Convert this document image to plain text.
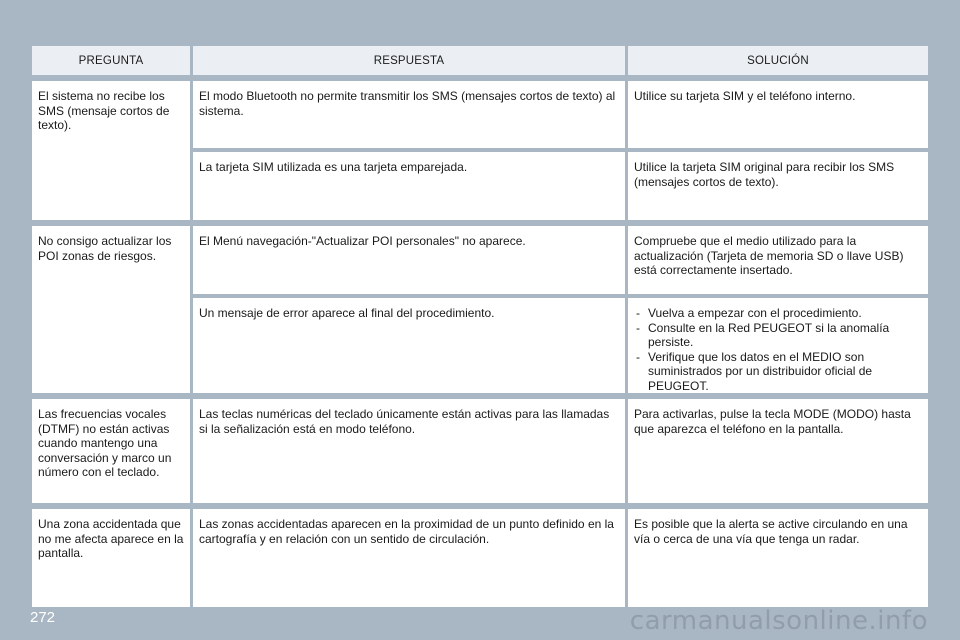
PREGUNTA	RESPUESTA	SOLUCIÓN
El sistema no recibe los SMS (mensaje cortos de texto).
El modo Bluetooth no permite transmitir los SMS (mensajes cortos de texto) al sistema.
Utilice su tarjeta SIM y el teléfono interno.
La tarjeta SIM utilizada es una tarjeta emparejada.	Utilice la tarjeta SIM original para recibir los SMS (mensajes cortos de texto).
No consigo actualizar los POI zonas de riesgos.
El Menú navegación-"Actualizar POI personales" no aparece.	Compruebe que el medio utilizado para la actualización (Tarjeta de memoria SD o llave USB) está correctamente insertado.
Un mensaje de error aparece al final del procedimiento.
-	Vuelva a empezar con el procedimiento.
- Consulte en la Red PEUGEOT si la anomalía persiste.
- Verifique que los datos en el MEDIO son suministrados por un distribuidor oficial de PEUGEOT.
Las frecuencias vocales (DTMF) no están activas cuando mantengo una conversación y marco un número con el teclado.
Las teclas numéricas del teclado únicamente están activas para las llamadas si la señalización está en modo teléfono.
Para activarlas, pulse la tecla MODE (MODO) hasta que aparezca el teléfono en la pantalla.
Una zona accidentada que no me afecta aparece en la pantalla.
Las zonas accidentadas aparecen en la proximidad de un punto definido en la cartografía y en relación con un sentido de circulación.
Es posible que la alerta se active circulando en una vía o cerca de una vía que tenga un radar.
272	carmanualsonline.info
